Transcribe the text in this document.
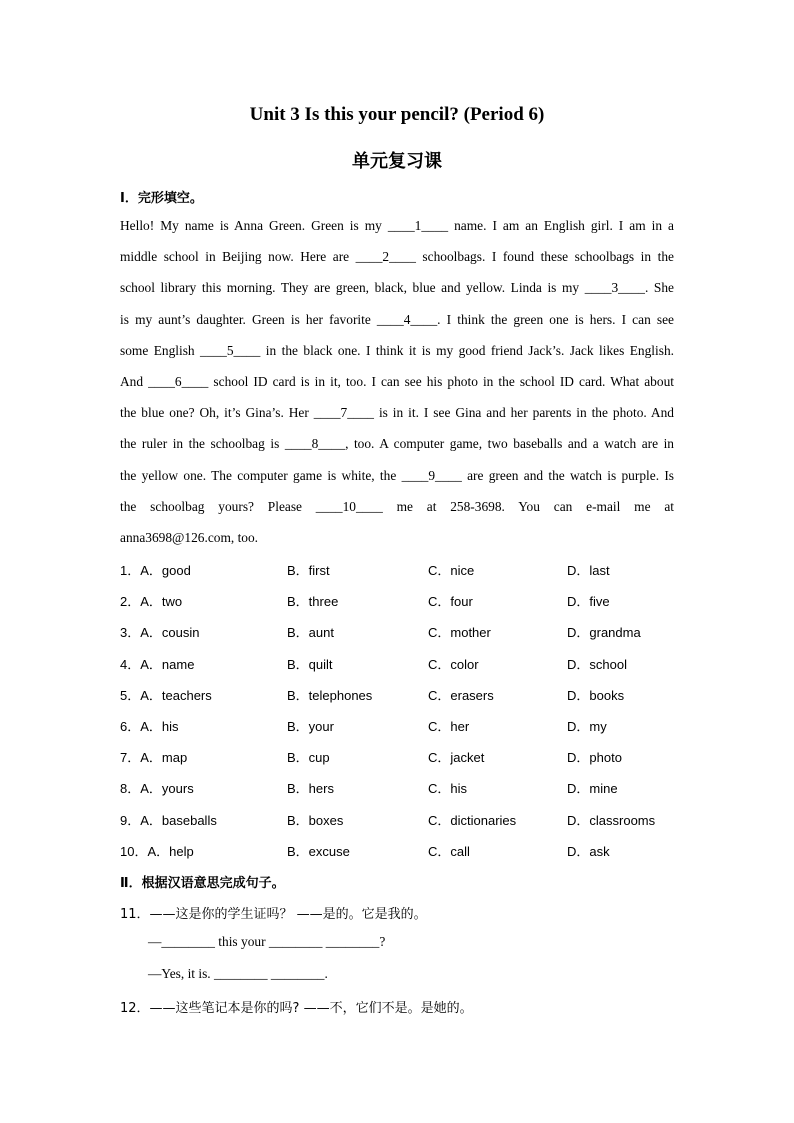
Unit 3 Is this your pencil? (Period 6)
单元复习课
Ⅰ．完形填空。
Hello! My name is Anna Green. Green is my ____1____ name. I am an English girl. I am in a
middle school in Beijing now. Here are ____2____ schoolbags. I found these schoolbags in the
school library this morning. They are green, black, blue and yellow. Linda is my ____3____. She
is my aunt’s daughter. Green is her favorite ____4____. I think the green one is hers. I can see
some English ____5____ in the black one. I think it is my good friend Jack’s. Jack likes English.
And ____6____ school ID card is in it, too. I can see his photo in the school ID card. What about
the blue one? Oh, it’s Gina’s. Her ____7____ is in it. I see Gina and her parents in the photo. And
the ruler in the schoolbag is ____8____, too. A computer game, two baseballs and a watch are in
the yellow one. The computer game is white, the ____9____ are green and the watch is purple. Is
the schoolbag yours? Please ____10____ me at 258-3698. You can e-mail me at
anna3698@126.com, too.
1．A．good	B．first	C．nice	D．last
2．A．two	B．three	C．four	D．five
3．A．cousin	B．aunt	C．mother	D．grandma
4．A．name	B．quilt	C．color	D．school
5．A．teachers	B．telephones	C．erasers	D．books
6．A．his	B．your	C．her	D．my
7．A．map	B．cup	C．jacket	D．photo
8．A．yours	B．hers	C．his	D．mine
9．A．baseballs	B．boxes	C．dictionaries	D．classrooms
10．A．help	B．excuse	C．call	D．ask
Ⅱ．根据汉语意思完成句子。
11．——这是你的学生证吗？ ——是的。它是我的。
—________ this your ________ ________?
—Yes, it is. ________ ________.
12．——这些笔记本是你的吗? ——不，它们不是。是她的。
